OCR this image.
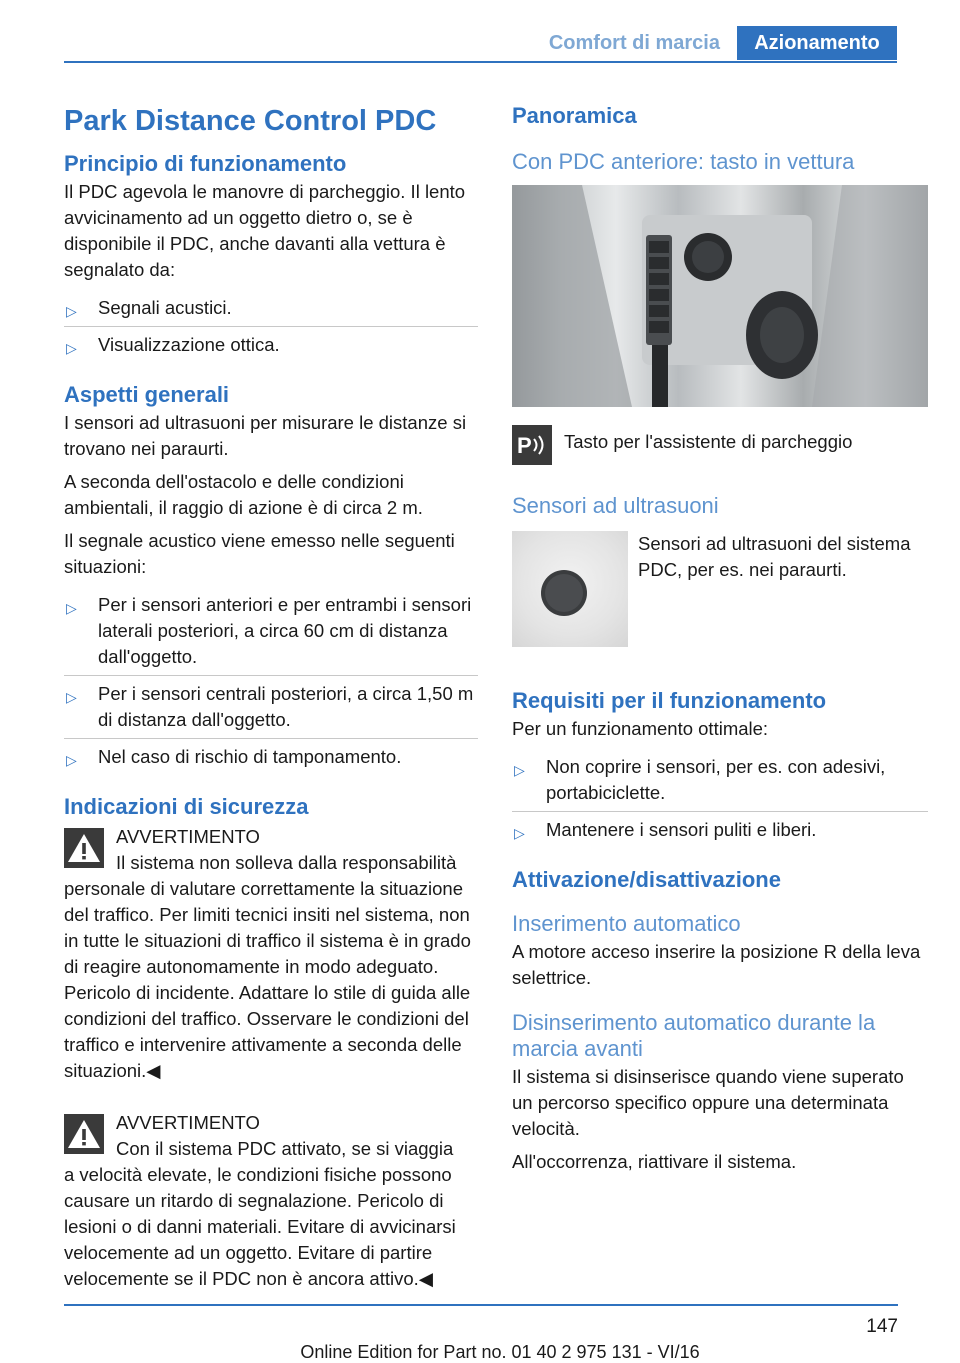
Comfort di marcia	Azionamento
Park Distance Control PDC
Principio di funzionamento

Il PDC agevola le manovre di parcheggio. Il lento avvicinamento ad un oggetto dietro o, se è disponibile il PDC, anche davanti alla vettura è segnalato da:

▷	Segnali acustici.
▷	Visualizzazione ottica.
Aspetti generali

I sensori ad ultrasuoni per misurare le distanze si trovano nei paraurti.

A seconda dell'ostacolo e delle condizioni ambientali, il raggio di azione è di circa 2 m.

Il segnale acustico viene emesso nelle seguenti situazioni:

▷	Per i sensori anteriori e per entrambi i sensori laterali posteriori, a circa 60 cm di distanza dall'oggetto.
▷	Per i sensori centrali posteriori, a circa 1,50 m di distanza dall'oggetto.
▷	Nel caso di rischio di tamponamento.
Indicazioni di sicurezza
AVVERTIMENTO
Il sistema non solleva dalla responsabilità
personale di valutare correttamente la situazione del traffico. Per limiti tecnici insiti nel sistema, non in tutte le situazioni di traffico il sistema è in grado di reagire autonomamente in modo adeguato. Pericolo di incidente. Adattare lo stile di guida alle condizioni del traffico. Osservare le condizioni del traffico e intervenire attivamente a seconda delle situazioni.◀
AVVERTIMENTO
Con il sistema PDC attivato, se si viaggia
a velocità elevate, le condizioni fisiche possono causare un ritardo di segnalazione. Pericolo di lesioni o di danni materiali. Evitare di avvicinarsi velocemente ad un oggetto. Evitare di partire velocemente se il PDC non è ancora attivo.◀
Panoramica
Con PDC anteriore: tasto in vettura
P Tasto per l'assistente di parcheggio
Sensori ad ultrasuoni
Sensori ad ultrasuoni del sistema PDC, per es. nei paraurti.
Requisiti per il funzionamento

Per un funzionamento ottimale:

▷	Non coprire i sensori, per es. con adesivi, portabiciclette.
▷	Mantenere i sensori puliti e liberi.
Attivazione/disattivazione
Inserimento automatico

A motore acceso inserire la posizione R della leva selettrice.

Disinserimento automatico durante la marcia avanti

Il sistema si disinserisce quando viene superato un percorso specifico oppure una determinata velocità.

All'occorrenza, riattivare il sistema.

147
Online Edition for Part no. 01 40 2 975 131 - VI/16
